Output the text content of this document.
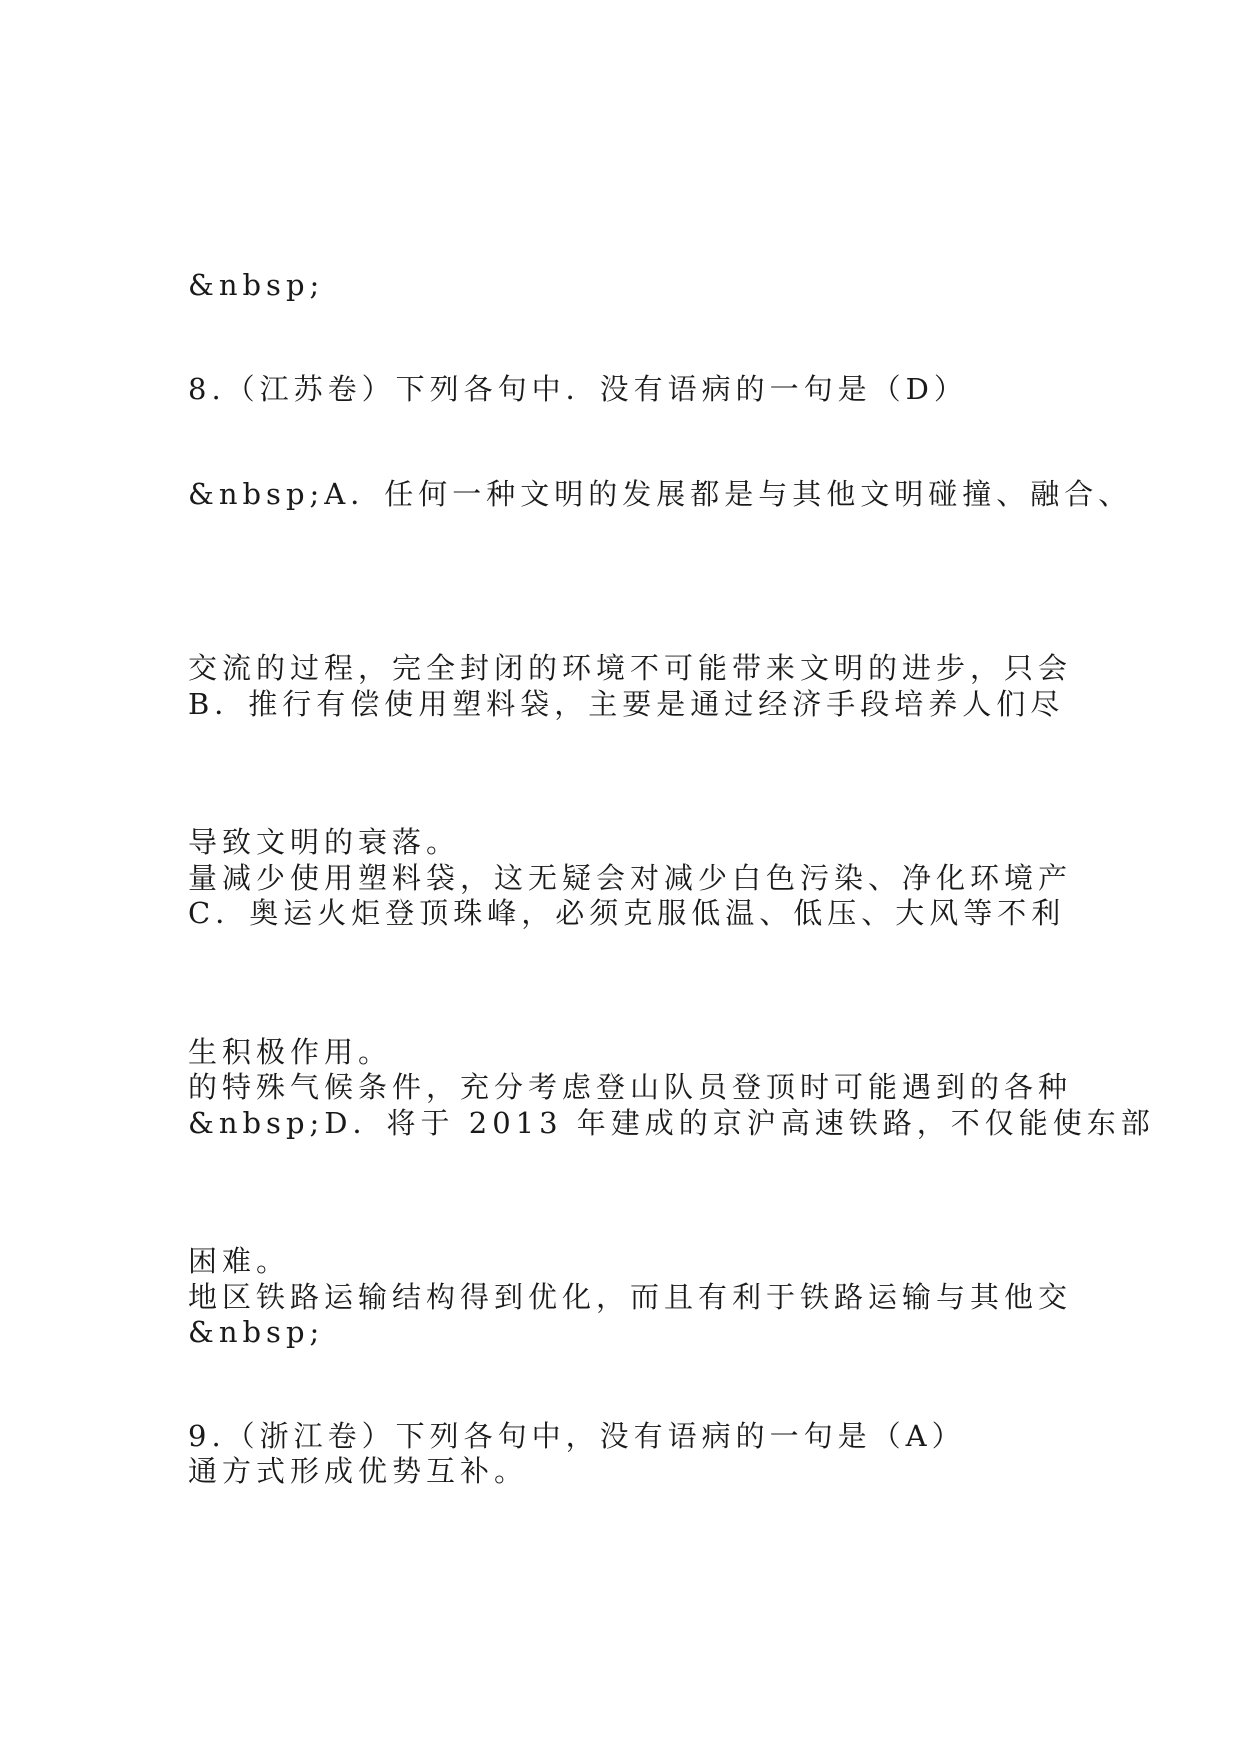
&nbsp;

8.（江苏卷）下列各句中．没有语病的一句是（D）

&nbsp;A．任何一种文明的发展都是与其他文明碰撞、融合、

交流的过程，完全封闭的环境不可能带来文明的进步，只会

导致文明的衰落。

B．推行有偿使用塑料袋，主要是通过经济手段培养人们尽

量减少使用塑料袋，这无疑会对减少白色污染、净化环境产

生积极作用。

C．奥运火炬登顶珠峰，必须克服低温、低压、大风等不利

的特殊气候条件，充分考虑登山队员登顶时可能遇到的各种

困难。

&nbsp;D．将于 2013 年建成的京沪高速铁路，不仅能使东部

地区铁路运输结构得到优化，而且有利于铁路运输与其他交

通方式形成优势互补。

&nbsp;

9.（浙江卷）下列各句中，没有语病的一句是（A）
